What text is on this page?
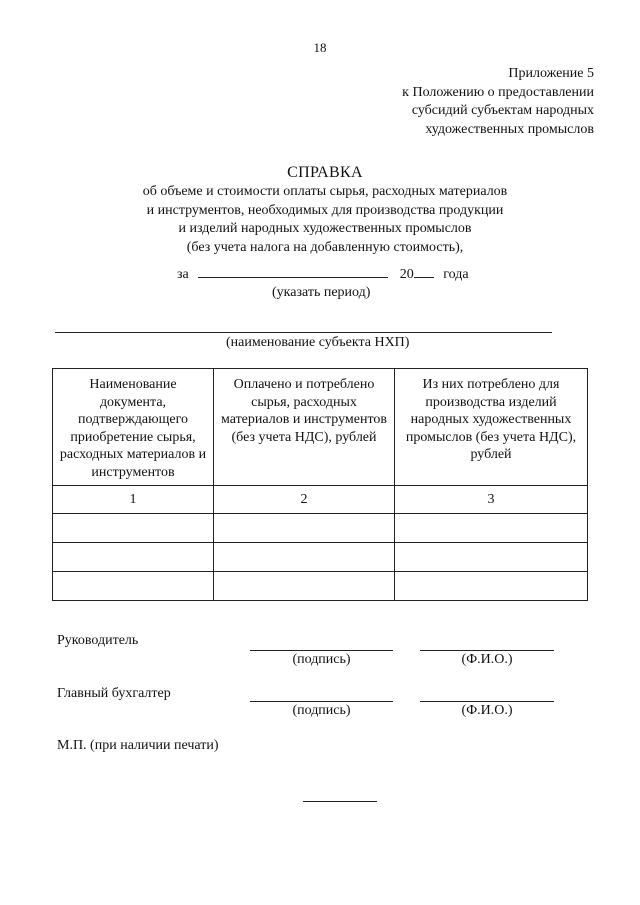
18
Приложение 5
к Положению о предоставлении
субсидий субъектам народных
художественных промыслов
СПРАВКА
об объеме и стоимости оплаты сырья, расходных материалов
и инструментов, необходимых для производства продукции
и изделий народных художественных промыслов
(без учета налога на добавленную стоимость),
за	20 года
(указать период)
(наименование субъекта НХП)
Наименование документа, подтверждающего приобретение сырья, расходных материалов и инструментов	Оплачено и потреблено сырья, расходных материалов и инструментов (без учета НДС), рублей	Из них потреблено для производства изделий народных художественных промыслов (без учета НДС), рублей
1	2	3

Руководитель
(подпись)	(Ф.И.О.)
Главный бухгалтер
(подпись)	(Ф.И.О.)
М.П. (при наличии печати)
